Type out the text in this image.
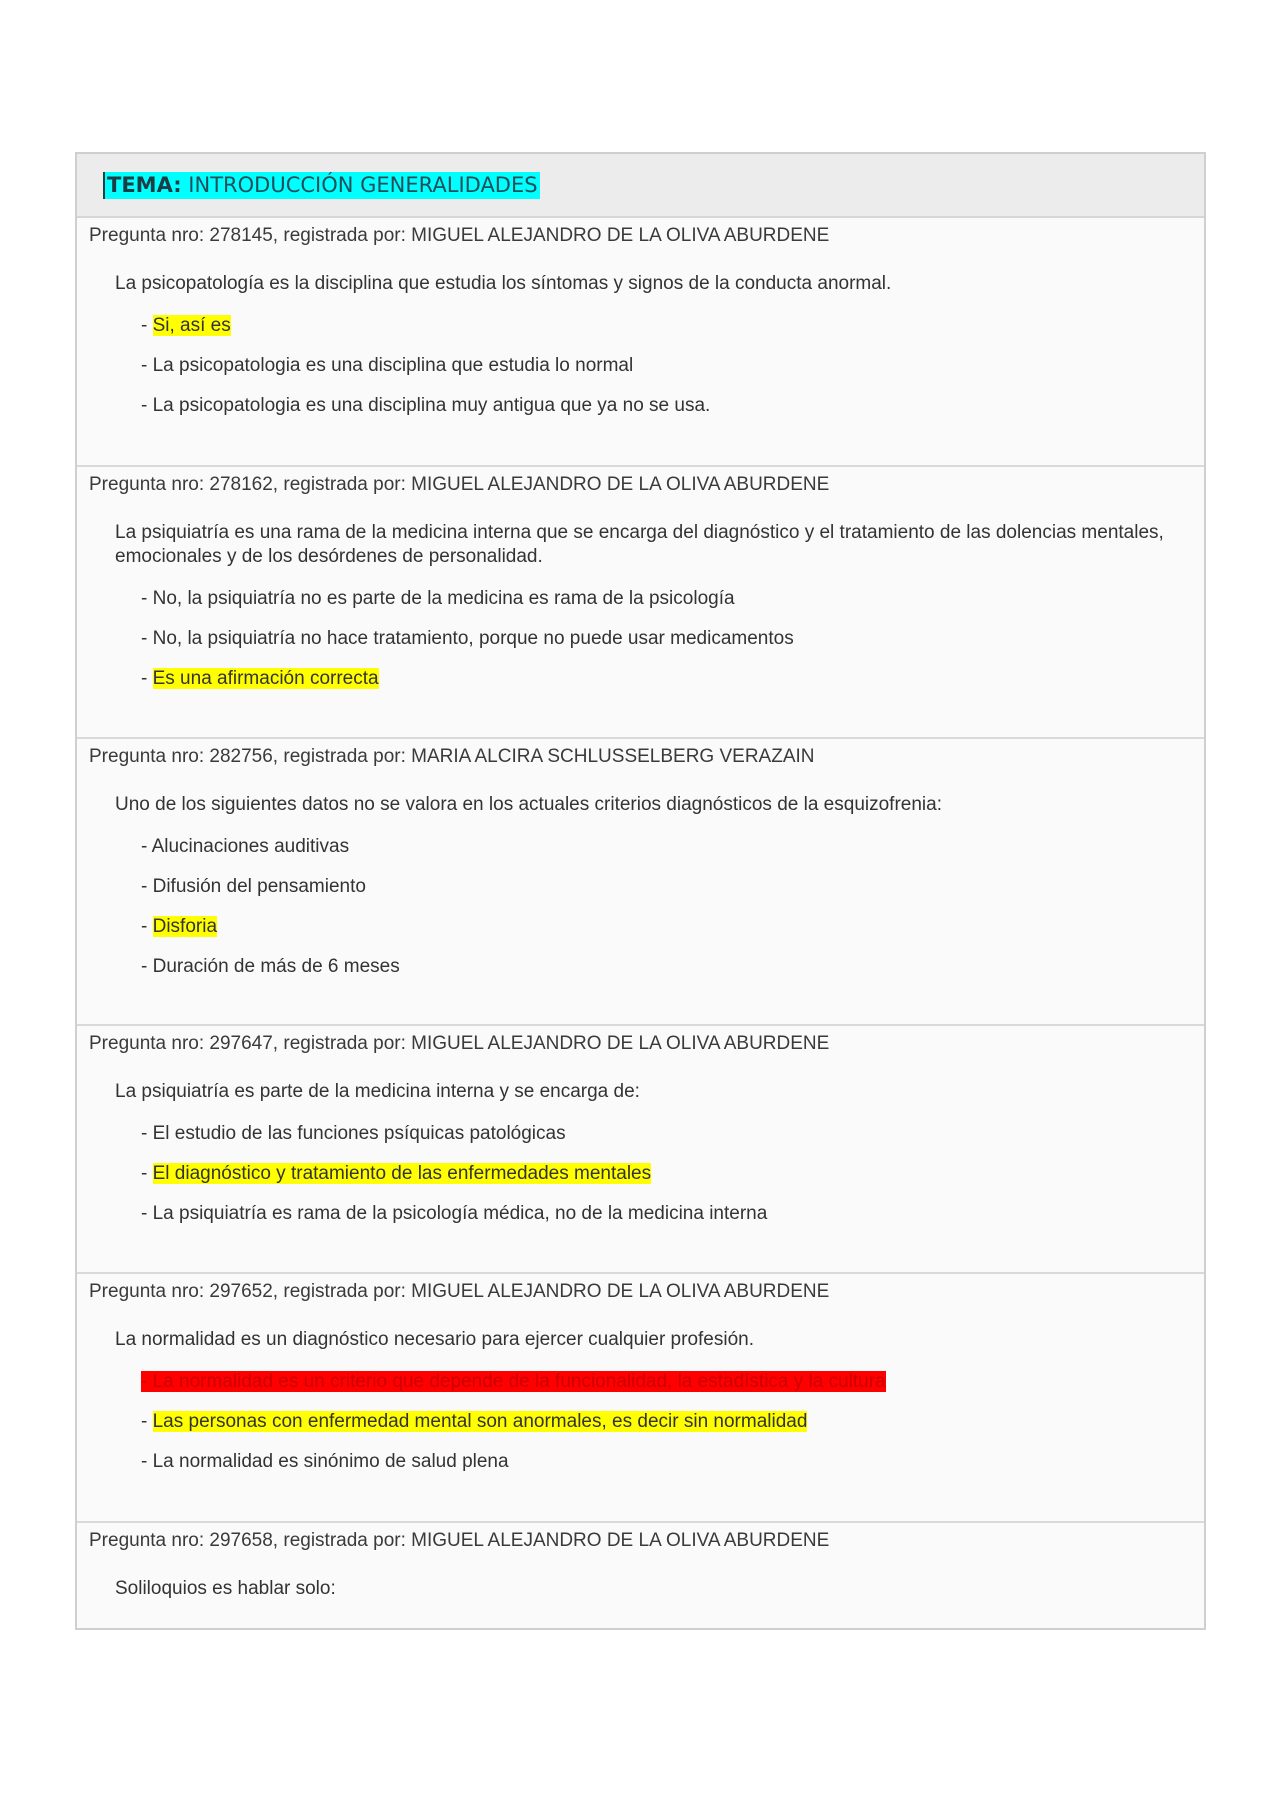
TEMA: INTRODUCCIÓN GENERALIDADES
Pregunta nro: 278145, registrada por: MIGUEL ALEJANDRO DE LA OLIVA ABURDENE
La psicopatología es la disciplina que estudia los síntomas y signos de la conducta anormal.
- Si, así es
- La psicopatologia es una disciplina que estudia lo normal
- La psicopatologia es una disciplina muy antigua que ya no se usa.
Pregunta nro: 278162, registrada por: MIGUEL ALEJANDRO DE LA OLIVA ABURDENE
La psiquiatría es una rama de la medicina interna que se encarga del diagnóstico y el tratamiento de las dolencias mentales, emocionales y de los desórdenes de personalidad.
- No, la psiquiatría no es parte de la medicina es rama de la psicología
- No, la psiquiatría no hace tratamiento, porque no puede usar medicamentos
- Es una afirmación correcta
Pregunta nro: 282756, registrada por: MARIA ALCIRA SCHLUSSELBERG VERAZAIN
Uno de los siguientes datos no se valora en los actuales criterios diagnósticos de la esquizofrenia:
- Alucinaciones auditivas
- Difusión del pensamiento
- Disforia
- Duración de más de 6 meses
Pregunta nro: 297647, registrada por: MIGUEL ALEJANDRO DE LA OLIVA ABURDENE
La psiquiatría es parte de la medicina interna y se encarga de:
- El estudio de las funciones psíquicas patológicas
- El diagnóstico y tratamiento de las enfermedades mentales
- La psiquiatría es rama de la psicología médica, no de la medicina interna
Pregunta nro: 297652, registrada por: MIGUEL ALEJANDRO DE LA OLIVA ABURDENE
La normalidad es un diagnóstico necesario para ejercer cualquier profesión.
- La normalidad es un criterio que depende de la funcionalidad, la estadística y la cultura
- Las personas con enfermedad mental son anormales, es decir sin normalidad
- La normalidad es sinónimo de salud plena
Pregunta nro: 297658, registrada por: MIGUEL ALEJANDRO DE LA OLIVA ABURDENE
Soliloquios es hablar solo:
